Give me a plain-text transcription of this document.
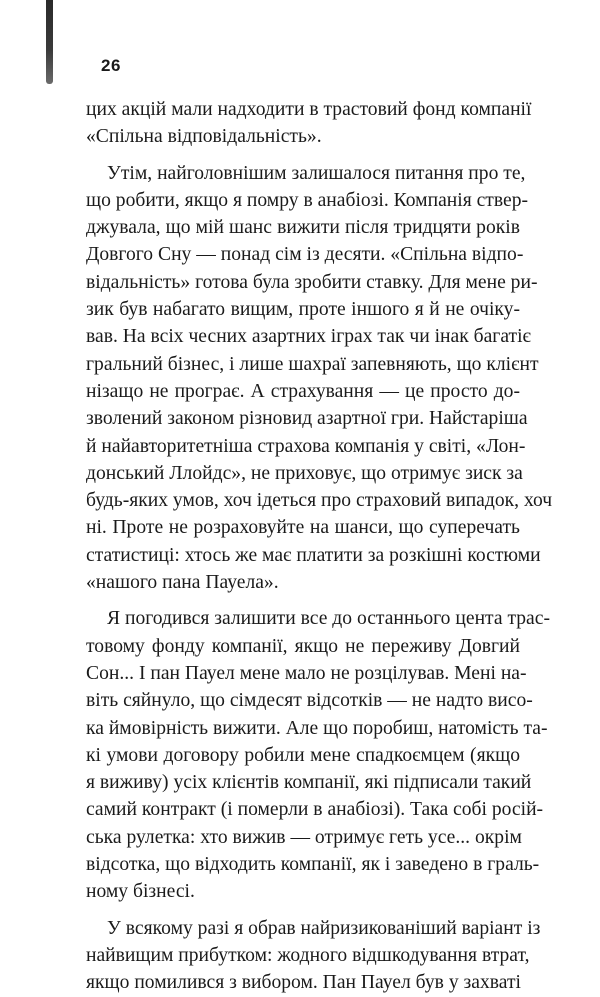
26

цих акцій мали надходити в трастовий фонд компанії
«Спільна відповідальність».

Утім, найголовнішим залишалося питання про те,
що робити, якщо я помру в анабіозі. Компанія ствер-
джувала, що мій шанс вижити після тридцяти років
Довгого Сну — понад сім із десяти. «Спільна відпо-
відальність» готова була зробити ставку. Для мене ри-
зик був набагато вищим, проте іншого я й не очіку-
вав. На всіх чесних азартних іграх так чи інак багатіє
гральний бізнес, і лише шахраї запевняють, що клієнт
нізащо не програє. А страхування — це просто до-
зволений законом різновид азартної гри. Найстаріша
й найавторитетніша страхова компанія у світі, «Лон-
донський Ллойдс», не приховує, що отримує зиск за
будь-яких умов, хоч ідеться про страховий випадок, хоч
ні. Проте не розраховуйте на шанси, що суперечать
статистиці: хтось же має платити за розкішні костюми
«нашого пана Пауела».

Я погодився залишити все до останнього цента трас-
товому фонду компанії, якщо не переживу Довгий
Сон... І пан Пауел мене мало не розцілував. Мені на-
віть сяйнуло, що сімдесят відсотків — не надто висо-
ка ймовірність вижити. Але що поробиш, натомість та-
кі умови договору робили мене спадкоємцем (якщо
я виживу) усіх клієнтів компанії, які підписали такий
самий контракт (і померли в анабіозі). Така собі росій-
ська рулетка: хто вижив — отримує геть усе... окрім
відсотка, що відходить компанії, як і заведено в граль-
ному бізнесі.

У всякому разі я обрав найризикованіший варіант із
найвищим прибутком: жодного відшкодування втрат,
якщо помилився з вибором. Пан Пауел був у захваті
